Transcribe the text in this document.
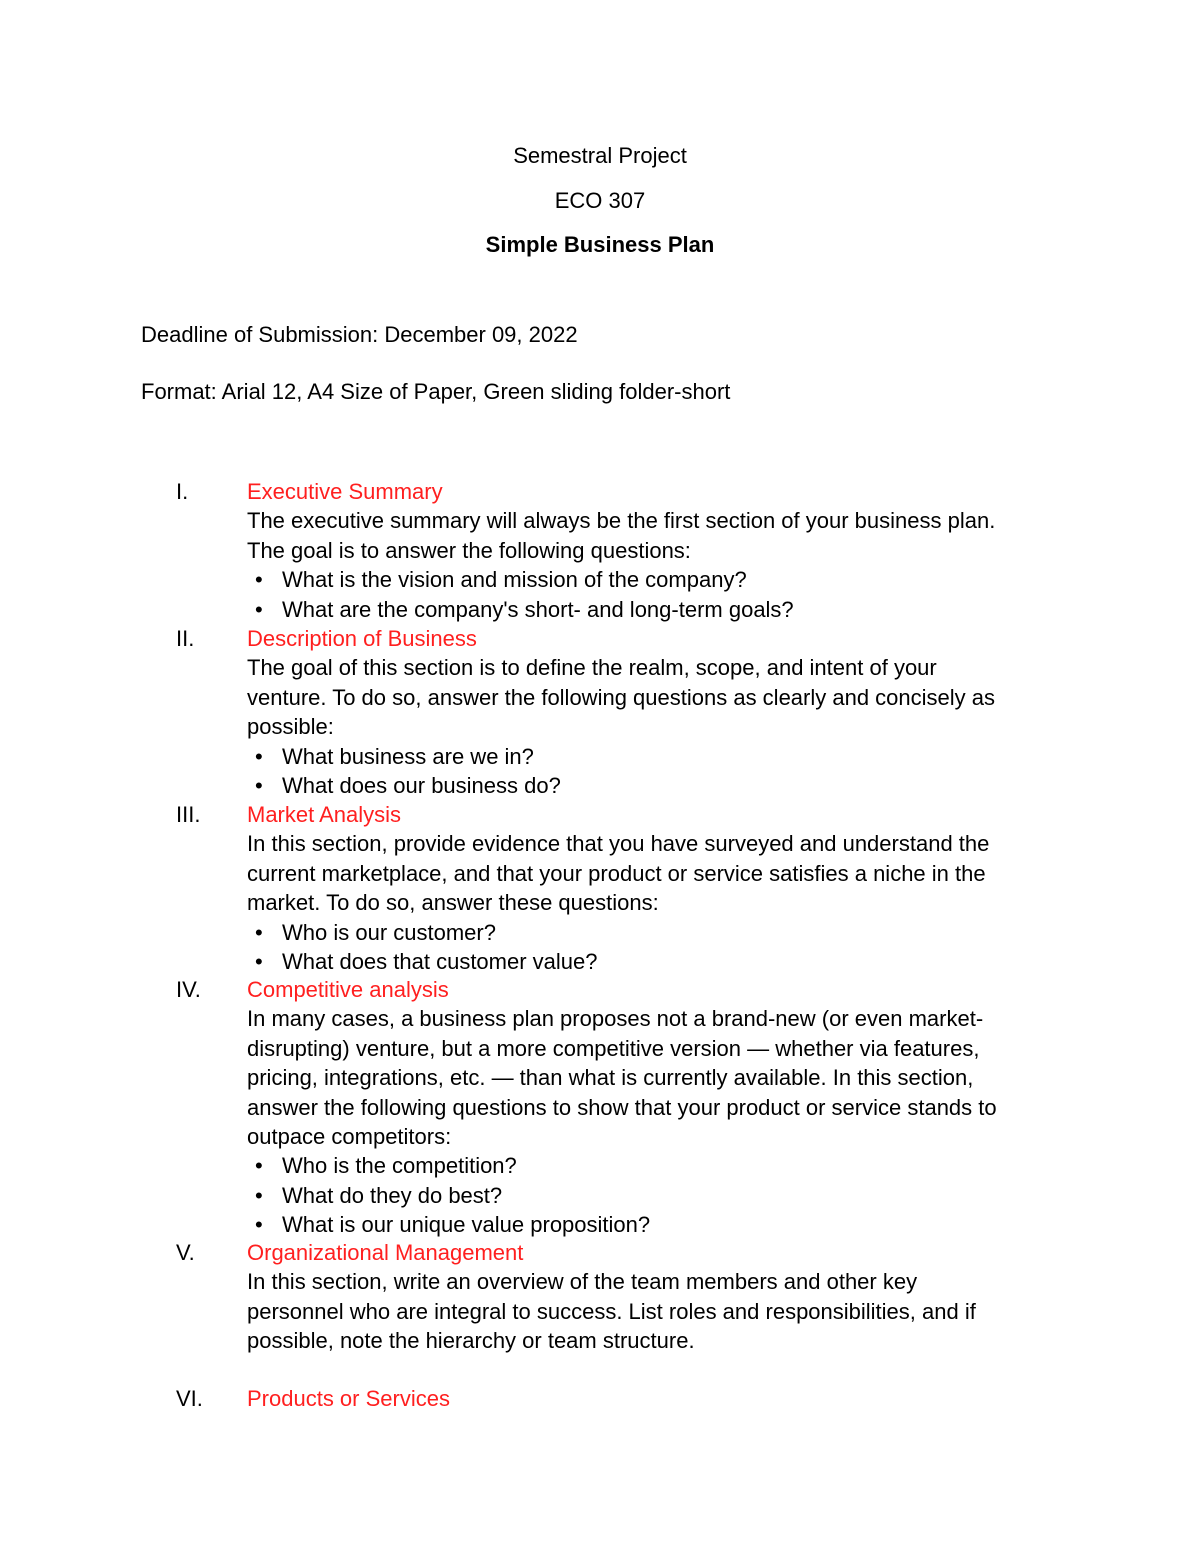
Semestral Project
ECO 307
Simple Business Plan
Deadline of Submission: December 09, 2022
Format: Arial 12, A4 Size of Paper, Green sliding folder-short
I.	Executive Summary
The executive summary will always be the first section of your business plan.
The goal is to answer the following questions:
• What is the vision and mission of the company?
• What are the company's short- and long-term goals?
II. Description of Business
The goal of this section is to define the realm, scope, and intent of your
venture. To do so, answer the following questions as clearly and concisely as
possible:
• What business are we in?
• What does our business do?
III. Market Analysis
In this section, provide evidence that you have surveyed and understand the
current marketplace, and that your product or service satisfies a niche in the
market. To do so, answer these questions:
• Who is our customer?
• What does that customer value?
IV. Competitive analysis
In many cases, a business plan proposes not a brand-new (or even market-
disrupting) venture, but a more competitive version — whether via features,
pricing, integrations, etc. — than what is currently available. In this section,
answer the following questions to show that your product or service stands to
outpace competitors:
• Who is the competition?
• What do they do best?
• What is our unique value proposition?
V. Organizational Management
In this section, write an overview of the team members and other key
personnel who are integral to success. List roles and responsibilities, and if
possible, note the hierarchy or team structure.
VI. Products or Services
